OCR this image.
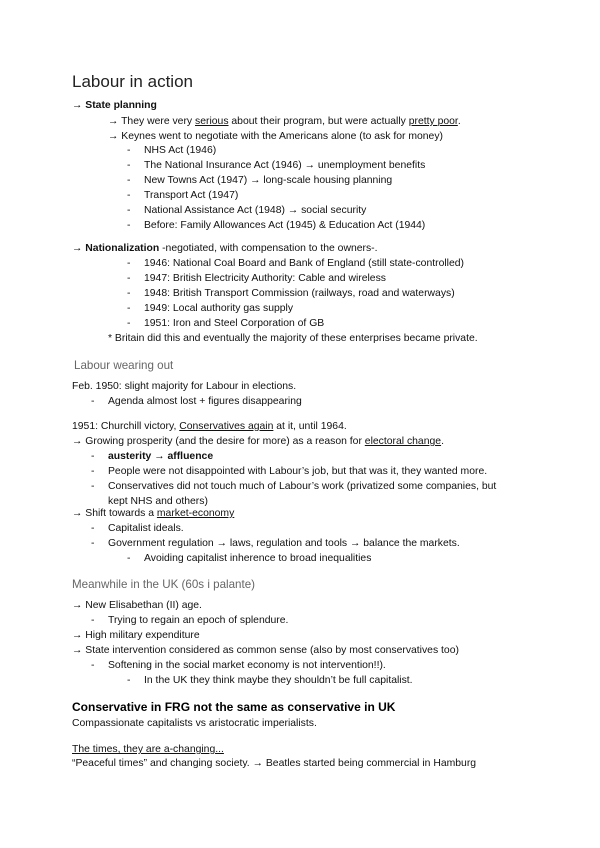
Labour in action
→ State planning
→ They were very serious about their program, but were actually pretty poor.
→ Keynes went to negotiate with the Americans alone (to ask for money)
- NHS Act (1946)
- The National Insurance Act (1946) → unemployment benefits
- New Towns Act (1947) → long-scale housing planning
- Transport Act (1947)
- National Assistance Act (1948) → social security
- Before: Family Allowances Act (1945) & Education Act (1944)
→ Nationalization -negotiated, with compensation to the owners-.
- 1946: National Coal Board and Bank of England (still state-controlled)
- 1947: British Electricity Authority: Cable and wireless
- 1948: British Transport Commission (railways, road and waterways)
- 1949: Local authority gas supply
- 1951: Iron and Steel Corporation of GB
* Britain did this and eventually the majority of these enterprises became private.
Labour wearing out
Feb. 1950: slight majority for Labour in elections.
- Agenda almost lost + figures disappearing
1951: Churchill victory, Conservatives again at it, until 1964.
→ Growing prosperity (and the desire for more) as a reason for electoral change.
- austerity → affluence
- People were not disappointed with Labour’s job, but that was it, they wanted more.
- Conservatives did not touch much of Labour’s work (privatized some companies, but
kept NHS and others)
→ Shift towards a market-economy
- Capitalist ideals.
- Government regulation → laws, regulation and tools → balance the markets.
- Avoiding capitalist inherence to broad inequalities
Meanwhile in the UK (60s i palante)
→ New Elisabethan (II) age.
- Trying to regain an epoch of splendure.
→ High military expenditure
→ State intervention considered as common sense (also by most conservatives too)
- Softening in the social market economy is not intervention!!).
- In the UK they think maybe they shouldn’t be full capitalist.
Conservative in FRG not the same as conservative in UK
Compassionate capitalists vs aristocratic imperialists.
The times, they are a-changing...
“Peaceful times” and changing society. → Beatles started being commercial in Hamburg
